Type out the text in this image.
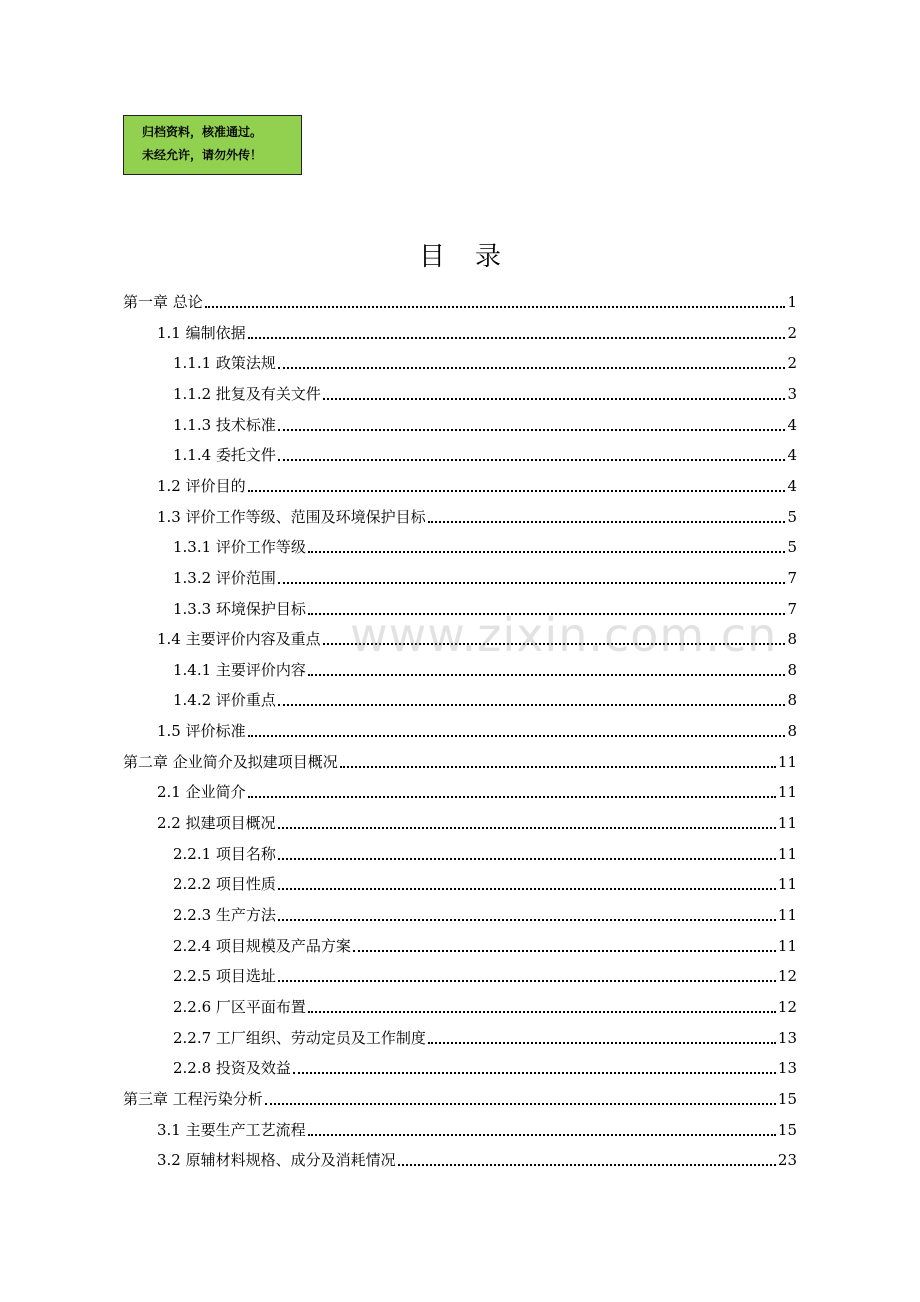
归档资料，核准通过。
未经允许，请勿外传！
目录
第一章 总论	1
1.1 编制依据	2
1.1.1 政策法规	2
1.1.2 批复及有关文件	3
1.1.3 技术标准	4
1.1.4 委托文件	4
1.2 评价目的	4
1.3 评价工作等级、范围及环境保护目标	5
1.3.1 评价工作等级	5
1.3.2 评价范围	7
1.3.3 环境保护目标	7
1.4 主要评价内容及重点	8
1.4.1 主要评价内容	8
1.4.2 评价重点	8
1.5 评价标准	8
第二章 企业简介及拟建项目概况	11
2.1 企业简介	11
2.2 拟建项目概况	11
2.2.1 项目名称	11
2.2.2 项目性质	11
2.2.3 生产方法	11
2.2.4 项目规模及产品方案	11
2.2.5 项目选址	12
2.2.6 厂区平面布置	12
2.2.7 工厂组织、劳动定员及工作制度	13
2.2.8 投资及效益	13
第三章 工程污染分析	15
3.1 主要生产工艺流程	15
3.2 原辅材料规格、成分及消耗情况	23
www.zixin.com.cn
